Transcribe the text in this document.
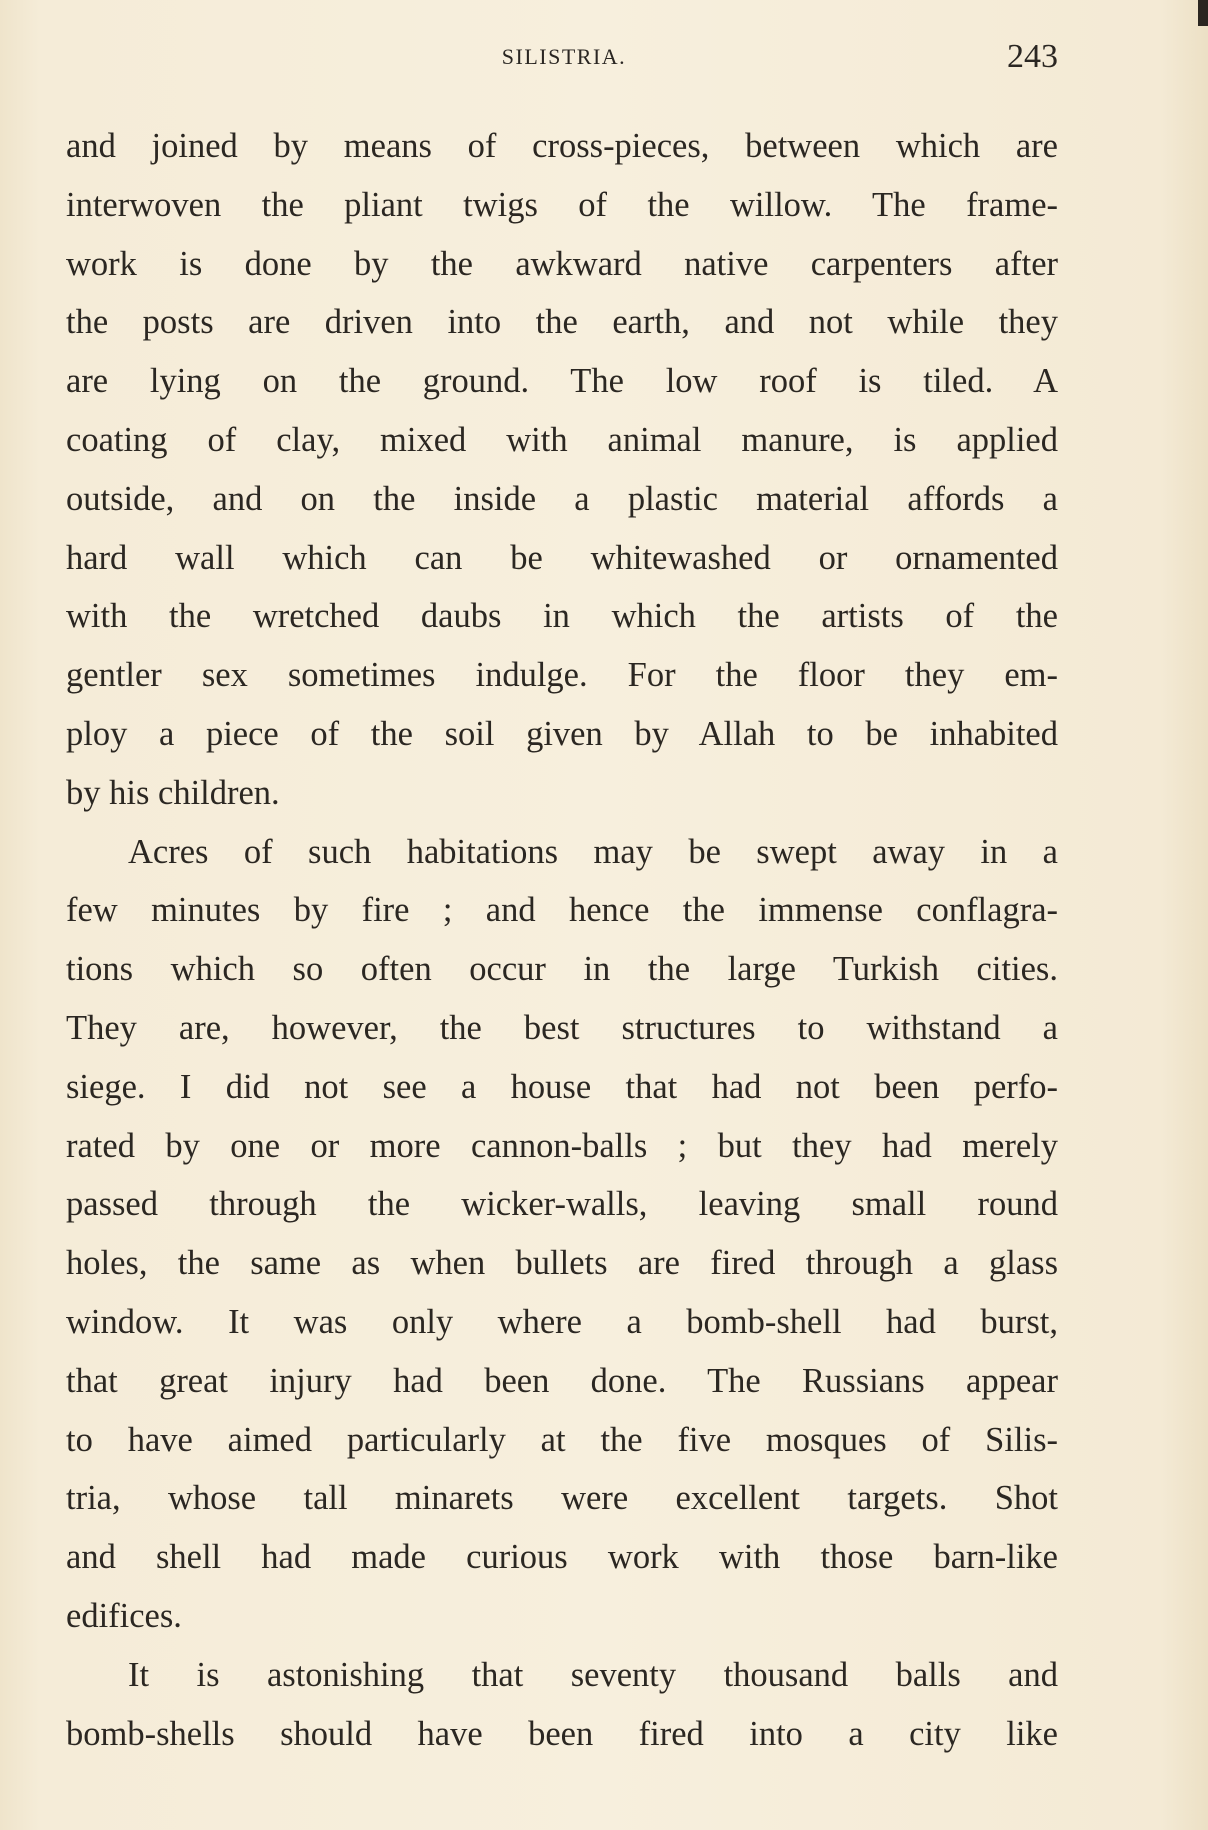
SILISTRIA.	243
and joined by means of cross-pieces, between which are
interwoven the pliant twigs of the willow. The frame-
work is done by the awkward native carpenters after
the posts are driven into the earth, and not while they
are lying on the ground. The low roof is tiled. A
coating of clay, mixed with animal manure, is applied
outside, and on the inside a plastic material affords a
hard wall which can be whitewashed or ornamented
with the wretched daubs in which the artists of the
gentler sex sometimes indulge. For the floor they em-
ploy a piece of the soil given by Allah to be inhabited
by his children.
Acres of such habitations may be swept away in a
few minutes by fire ; and hence the immense conflagra-
tions which so often occur in the large Turkish cities.
They are, however, the best structures to withstand a
siege. I did not see a house that had not been perfo-
rated by one or more cannon-balls ; but they had merely
passed through the wicker-walls, leaving small round
holes, the same as when bullets are fired through a glass
window. It was only where a bomb-shell had burst,
that great injury had been done. The Russians appear
to have aimed particularly at the five mosques of Silis-
tria, whose tall minarets were excellent targets. Shot
and shell had made curious work with those barn-like
edifices.
It is astonishing that seventy thousand balls and
bomb-shells should have been fired into a city like
